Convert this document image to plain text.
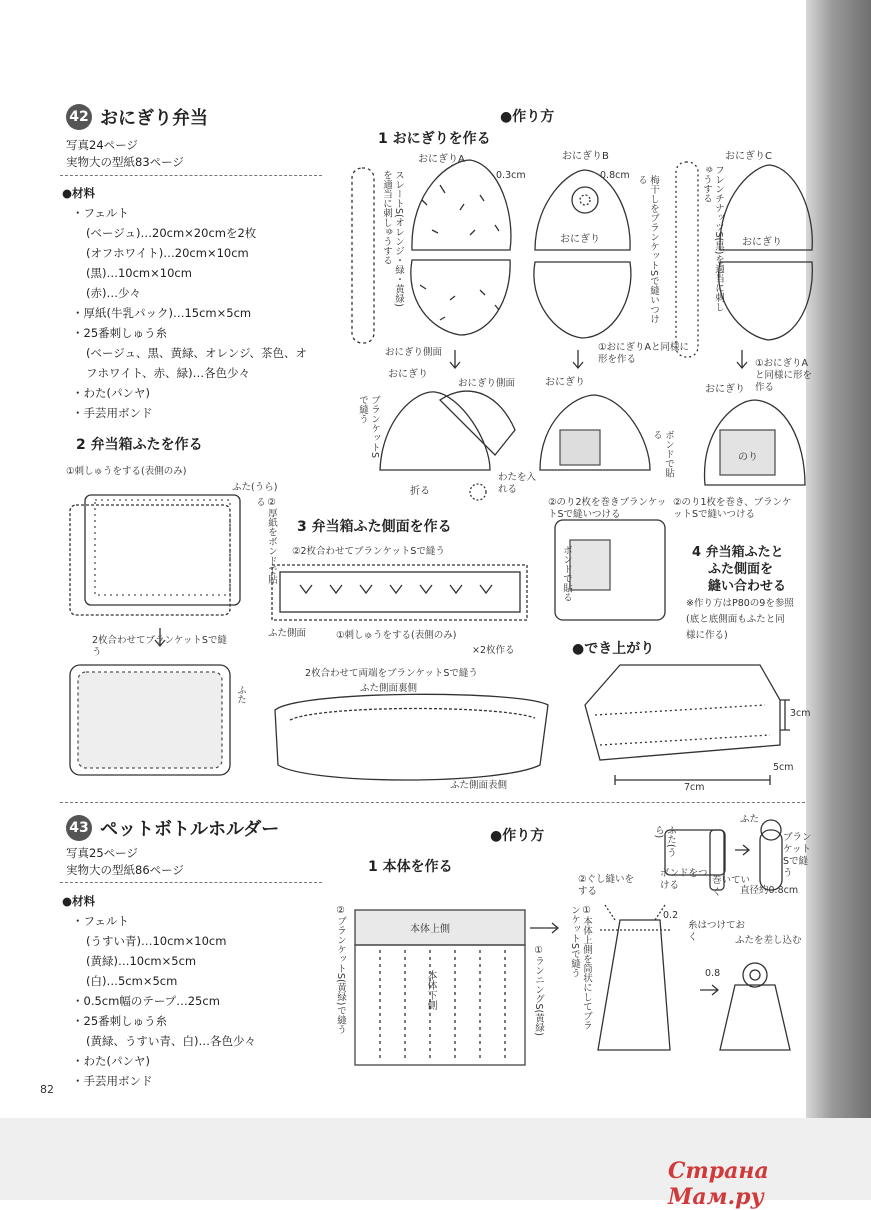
42 おにぎり弁当
写真24ページ
実物大の型紙83ページ
●材料
・フェルト
(ベージュ)…20cm×20cmを2枚
(オフホワイト)…20cm×10cm
(黒)…10cm×10cm
(赤)…少々
・厚紙(牛乳パック)…15cm×5cm
・25番刺しゅう糸
(ベージュ、黒、黄緑、オレンジ、茶色、オ
フホワイト、赤、緑)…各色少々
・わた(パンヤ)
・手芸用ボンド
●作り方
1 おにぎりを作る
おにぎりA	おにぎりB	おにぎりC
スレートS(オレンジ・緑・黄緑)を適当に刺しゅうする	梅干しをブランケットSで縫いつける	フレンチナッツS(黒)を適当に刺しゅうする
0.3cm	0.8cm
おにぎり	おにぎり
おにぎり側面
おにぎり
おにぎり側面
ブランケットSで縫う
折る
わたを入れる
①おにぎりAと同様に形を作る
おにぎり
ボンドで貼る
②のり2枚を巻きブランケットSで縫いつける
①おにぎりAと同様に形を作る
おにぎり
のり
②のり1枚を巻き、ブランケットSで縫いつける
2 弁当箱ふたを作る
①刺しゅうをする(表側のみ)
ふた(うら)
②厚紙をボンドで貼る
2枚合わせてブランケットSで縫う
ふた
3 弁当箱ふた側面を作る
②2枚合わせてブランケットSで縫う
ふた側面	①刺しゅうをする(表側のみ)
×2枚作る
2枚合わせて両端をブランケットSで縫う
ふた側面裏側
ふた側面表側
ボンドで貼る	4 弁当箱ふたと
ふた側面を
縫い合わせる
※作り方はP80の9を参照
(底と底側面もふたと同
様に作る)
●でき上がり
3cm
5cm
7cm
43 ペットボトルホルダー
写真25ページ
実物大の型紙86ページ
●材料
・フェルト
(うすい青)…10cm×10cm
(黄緑)…10cm×5cm
(白)…5cm×5cm
・0.5cm幅のテープ…25cm
・25番刺しゅう糸
(黄緑、うすい青、白)…各色少々
・わた(パンヤ)
・手芸用ボンド
●作り方
1 本体を作る
本体上側
本体下側
②ブランケットS(黄緑)で縫う	①ランニングS(黄緑)	①本体上側を筒状にしてブランケットSで縫う
②ぐし縫いをする
0.2
糸はつけておく	ふたを差し込む
0.8
ふた(うら)
ボンドをつける	巻いていく
ふた
ブランケットSで縫う
直径約0.8cm
82
Страна Мам.ру
